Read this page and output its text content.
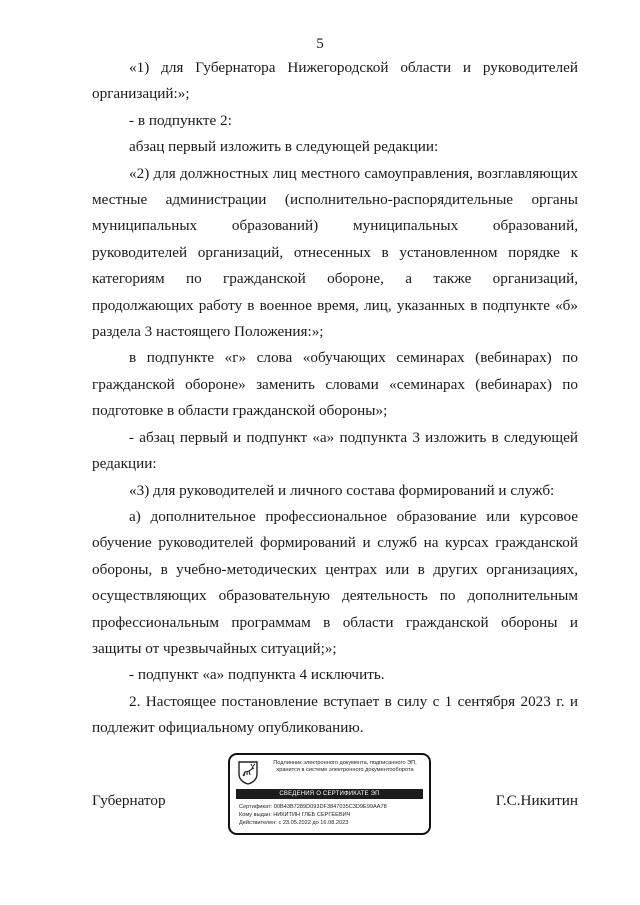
5

«1) для Губернатора Нижегородской области и руководителей организаций:»;

- в подпункте 2:

абзац первый изложить в следующей редакции:

«2) для должностных лиц местного самоуправления, возглавляющих местные администрации (исполнительно-распорядительные органы муниципальных образований) муниципальных образований, руководителей организаций, отнесенных в установленном порядке к категориям по гражданской обороне, а также организаций, продолжающих работу в военное время, лиц, указанных в подпункте «б» раздела 3 настоящего Положения:»;

в подпункте «г» слова «обучающих семинарах (вебинарах) по гражданской обороне» заменить словами «семинарах (вебинарах) по подготовке в области гражданской обороны»;

- абзац первый и подпункт «а» подпункта 3 изложить в следующей редакции:

«3) для руководителей и личного состава формирований и служб:

а) дополнительное профессиональное образование или курсовое обучение руководителей формирований и служб на курсах гражданской обороны, в учебно-методических центрах или в других организациях, осуществляющих образовательную деятельность по дополнительным профессиональным программам в области гражданской обороны и защиты от чрезвычайных ситуаций;»;

- подпункт «а» подпункта 4 исключить.

2. Настоящее постановление вступает в силу с 1 сентября 2023 г. и подлежит официальному опубликованию.

Губернатор	Г.С.Никитин
Подлинник электронного документа, подписанного ЭП,
хранится в системе электронного документооборота
СВЕДЕНИЯ О СЕРТИФИКАТЕ ЭП
Сертификат: 00B43B7289D093DF3847035C3D9E99AA78
Кому выдан: НИКИТИН ГЛЕБ СЕРГЕЕВИЧ
Действителен: с 23.05.2022 до 16.08.2023
